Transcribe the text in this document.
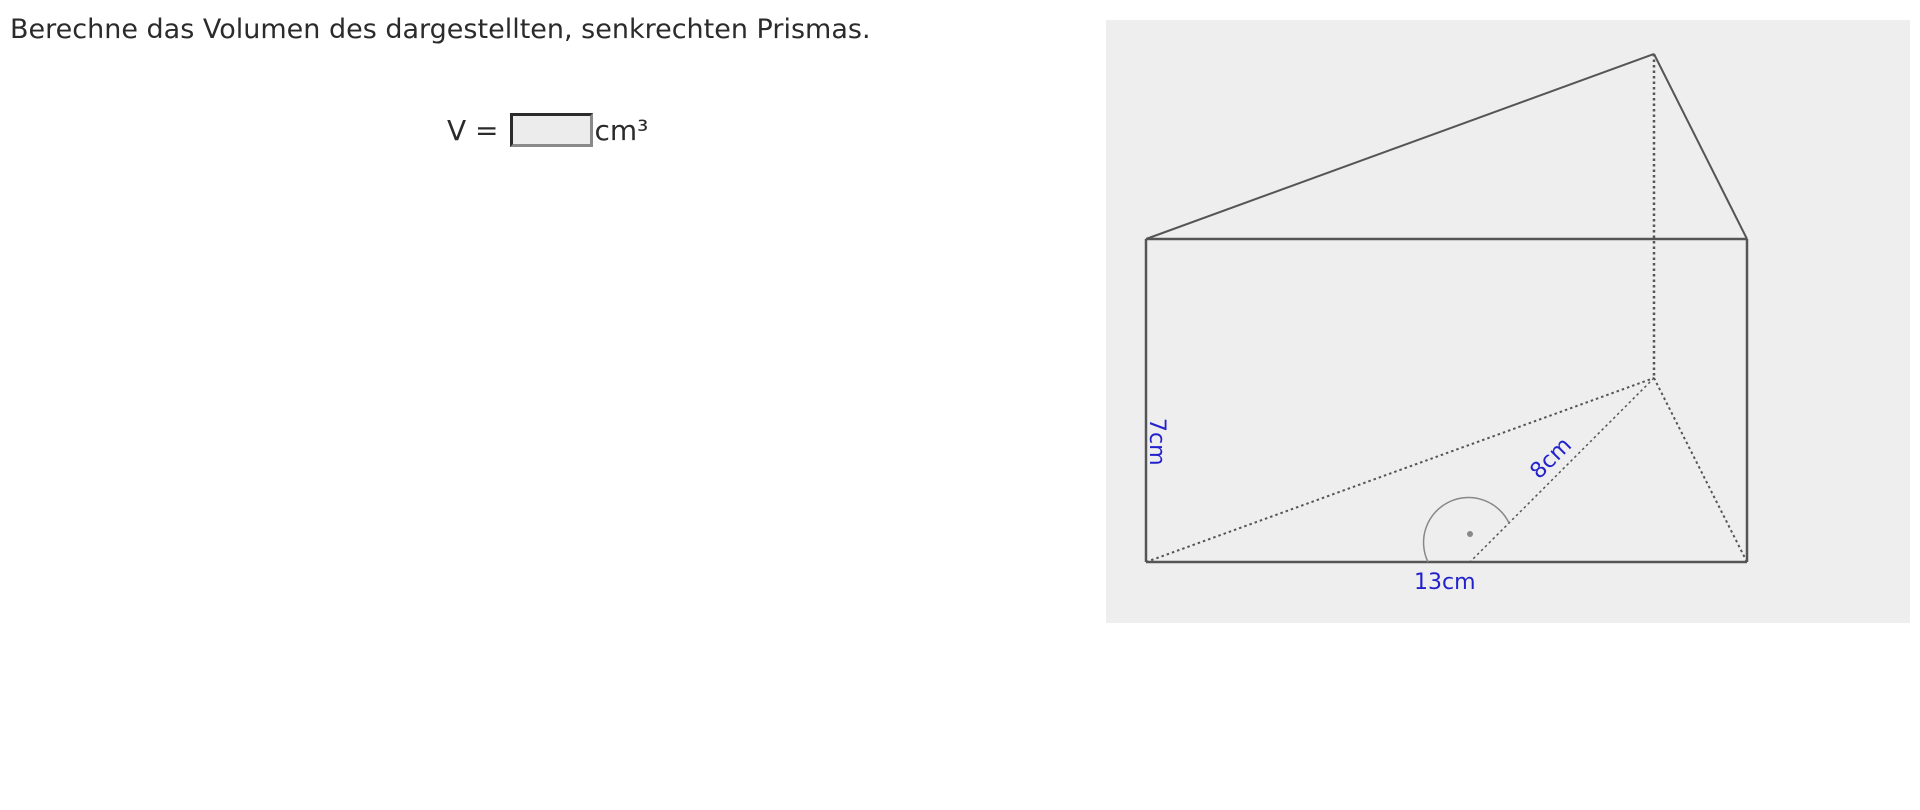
Berechne das Volumen des dargestellten, senkrechten Prismas.
V =	cm³
7cm	8cm
13cm
